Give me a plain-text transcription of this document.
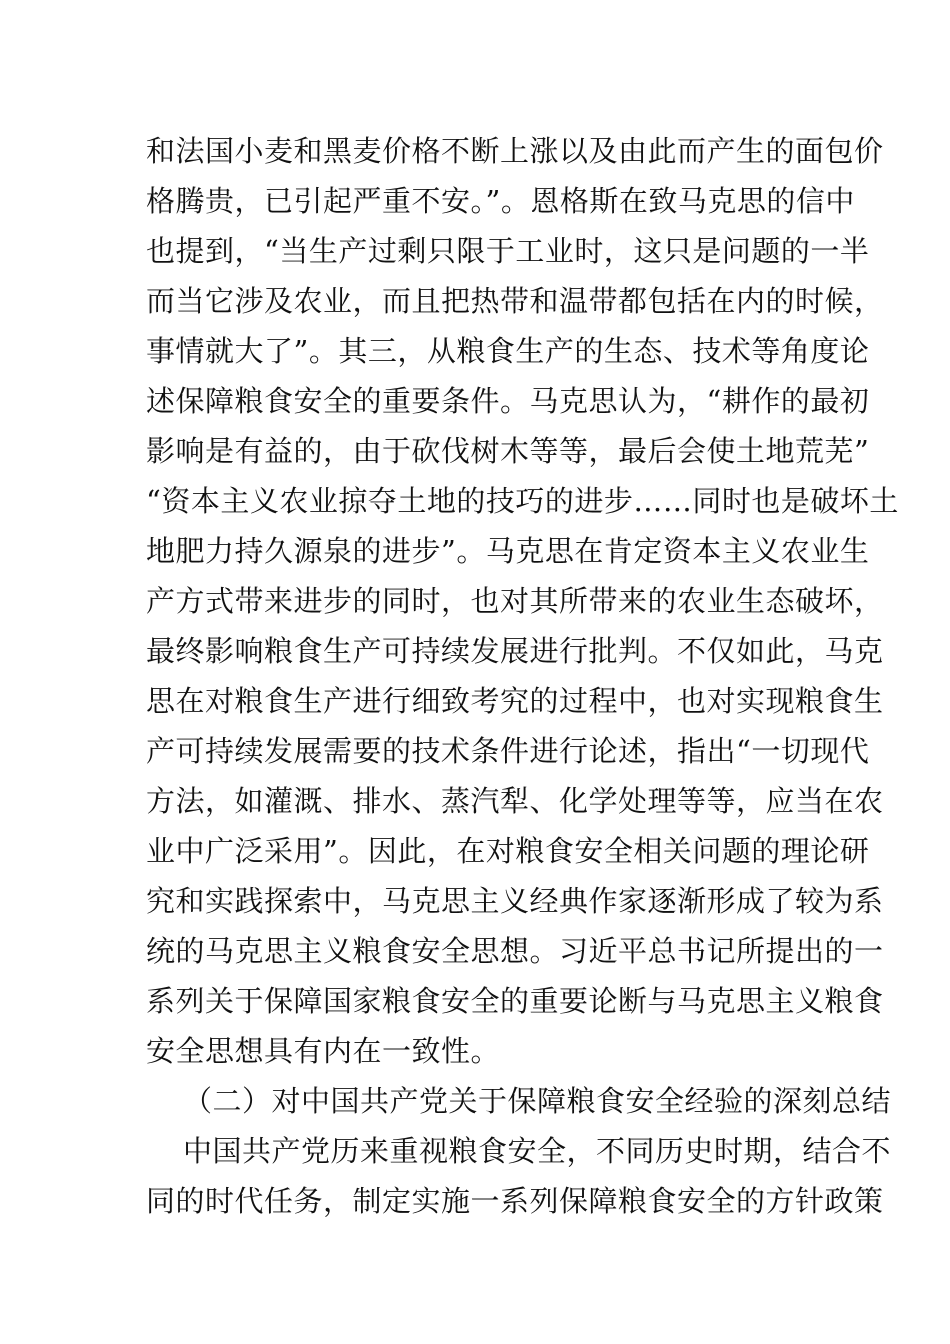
和法国小麦和黑麦价格不断上涨以及由此而产生的面包价
格腾贵，已引起严重不安。”。恩格斯在致马克思的信中
也提到，“当生产过剩只限于工业时，这只是问题的一半
而当它涉及农业，而且把热带和温带都包括在内的时候，
事情就大了”。其三，从粮食生产的生态、技术等角度论
述保障粮食安全的重要条件。马克思认为，“耕作的最初
影响是有益的，由于砍伐树木等等，最后会使土地荒芜”
“资本主义农业掠夺土地的技巧的进步……同时也是破坏土
地肥力持久源泉的进步”。马克思在肯定资本主义农业生
产方式带来进步的同时，也对其所带来的农业生态破坏，
最终影响粮食生产可持续发展进行批判。不仅如此，马克
思在对粮食生产进行细致考究的过程中，也对实现粮食生
产可持续发展需要的技术条件进行论述，指出“一切现代
方法，如灌溉、排水、蒸汽犁、化学处理等等，应当在农
业中广泛采用”。因此，在对粮食安全相关问题的理论研
究和实践探索中，马克思主义经典作家逐渐形成了较为系
统的马克思主义粮食安全思想。习近平总书记所提出的一
系列关于保障国家粮食安全的重要论断与马克思主义粮食
安全思想具有内在一致性。
（二）对中国共产党关于保障粮食安全经验的深刻总结
中国共产党历来重视粮食安全，不同历史时期，结合不
同的时代任务，制定实施一系列保障粮食安全的方针政策
